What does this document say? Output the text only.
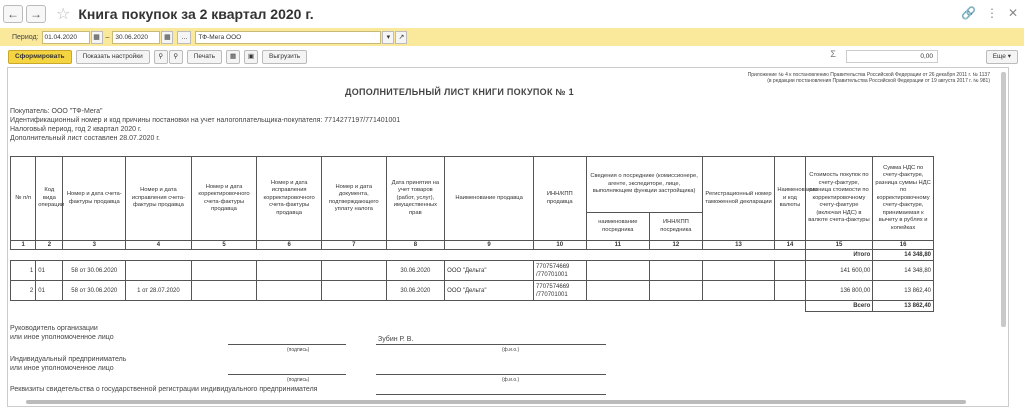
← → ☆ Книга покупок за 2 квартал 2020 г.	🔗 ⋮ ✕
Период: 01.04.2020	▦ – 30.06.2020	▦	...	ТФ-Мега ООО	▾	↗
Сформировать	Показать настройки	⚲	⚲	Печать	▦	▣	Выгрузить	Σ	0,00	Еще ▾
Приложение № 4 к постановлению Правительства Российской Федерации от 26 декабря 2011 г. № 1137
(в редакции постановления Правительства Российской Федерации от 19 августа 2017 г. № 981)
ДОПОЛНИТЕЛЬНЫЙ ЛИСТ КНИГИ ПОКУПОК № 1
Покупатель: ООО "ТФ-Мега"
Идентификационный номер и код причины постановки на учет налогоплательщика-покупателя: 7714277197/771401001
Налоговый период, год 2 квартал 2020 г.
Дополнительный лист составлен 28.07.2020 г.
№ п/п	Код вида операции	Номер и дата счета-фактуры продавца	Номер и дата исправления счета-фактуры продавца	Номер и дата корректировочного счета-фактуры продавца	Номер и дата исправления корректировочного счета-фактуры продавца	Номер и дата документа, подтверждающего уплату налога	Дата принятия на учет товаров (работ, услуг), имущественных прав	Наименование продавца	ИНН/КПП продавца	Сведения о посреднике (комиссионере, агенте, экспедиторе, лице, выполняющем функции застройщика)		Регистрационный номер таможенной декларации	Наименование и код валюты	Стоимость покупок по счету-фактуре, разница стоимости по корректировочному счету-фактуре (включая НДС) в валюте счета-фактуры	Сумма НДС по счету-фактуре, разница суммы НДС по корректировочному счету-фактуре, принимаемая к вычету в рублях и копейках
										наименование посредника	ИНН/КПП посредника				
1	2	3	4	5	6	7	8	9	10	11	12	13	14	15	16
														Итого	14 348,80
1	01	58 от 30.06.2020					30.06.2020	ООО "Дельта"	7707574669 /770701001					141 600,00	14 348,80
2	01	58 от 30.06.2020	1 от 28.07.2020				30.06.2020	ООО "Дельта"	7707574669 /770701001					136 800,00	13 862,40
														Всего	13 862,40
Руководитель организации
или иное уполномоченное лицо	Зубин Р. В.
(подпись)	(ф.и.о.)
Индивидуальный предприниматель
или иное уполномоченное лицо
(подпись)	(ф.и.о.)
Реквизиты свидетельства о государственной регистрации индивидуального предпринимателя
